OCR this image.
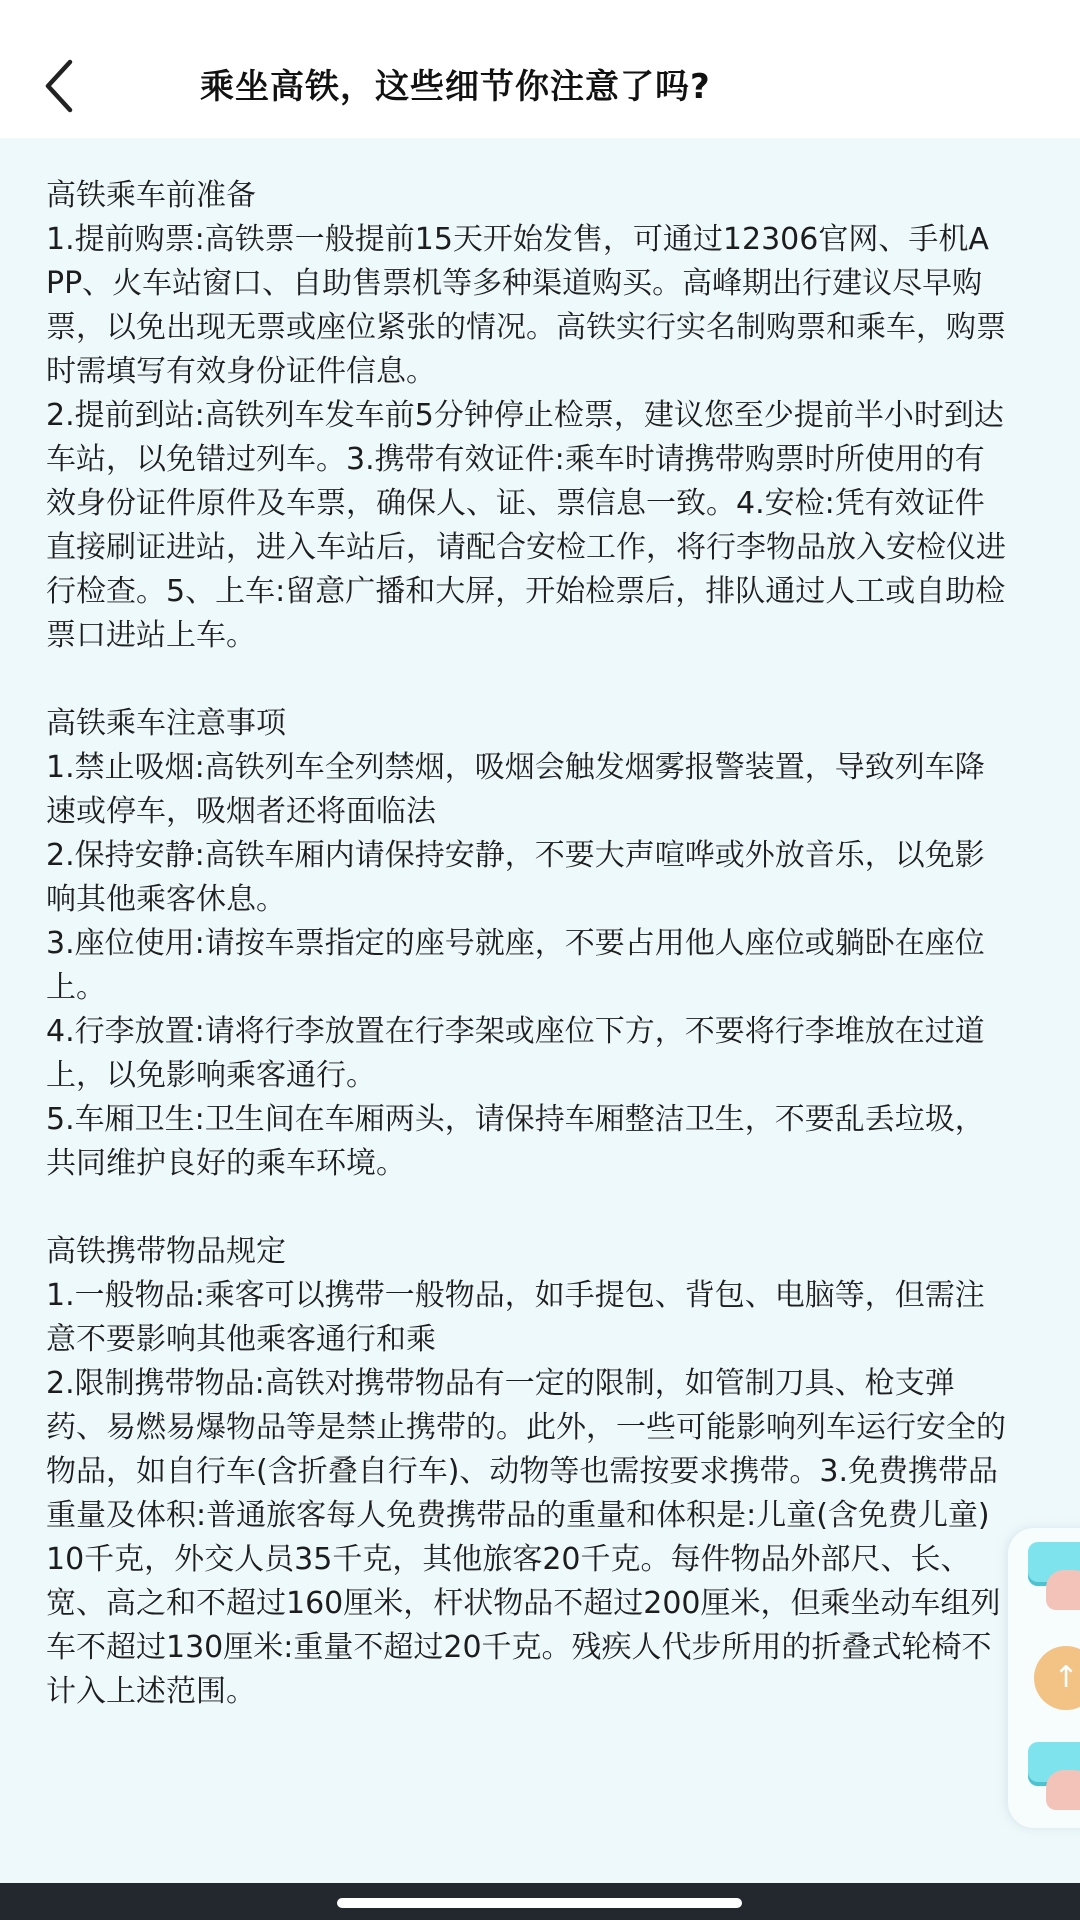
乘坐高铁，这些细节你注意了吗?

高铁乘车前准备

1.提前购票:高铁票一般提前15天开始发售，可通过12306官网、手机APP、火车站窗口、自助售票机等多种渠道购买。高峰期出行建议尽早购票，以免出现无票或座位紧张的情况。高铁实行实名制购票和乘车，购票时需填写有效身份证件信息。

2.提前到站:高铁列车发车前5分钟停止检票，建议您至少提前半小时到达车站，以免错过列车。3.携带有效证件:乘车时请携带购票时所使用的有效身份证件原件及车票，确保人、证、票信息一致。4.安检:凭有效证件直接刷证进站，进入车站后，请配合安检工作，将行李物品放入安检仪进行检查。5、上车:留意广播和大屏，开始检票后，排队通过人工或自助检票口进站上车。

高铁乘车注意事项

1.禁止吸烟:高铁列车全列禁烟，吸烟会触发烟雾报警装置，导致列车降速或停车，吸烟者还将面临法

2.保持安静:高铁车厢内请保持安静，不要大声喧哗或外放音乐，以免影响其他乘客休息。

3.座位使用:请按车票指定的座号就座，不要占用他人座位或躺卧在座位上。

4.行李放置:请将行李放置在行李架或座位下方，不要将行李堆放在过道上，以免影响乘客通行。

5.车厢卫生:卫生间在车厢两头，请保持车厢整洁卫生，不要乱丢垃圾，共同维护良好的乘车环境。

高铁携带物品规定

1.一般物品:乘客可以携带一般物品，如手提包、背包、电脑等，但需注意不要影响其他乘客通行和乘

2.限制携带物品:高铁对携带物品有一定的限制，如管制刀具、枪支弹药、易燃易爆物品等是禁止携带的。此外，一些可能影响列车运行安全的物品，如自行车(含折叠自行车)、动物等也需按要求携带。3.免费携带品重量及体积:普通旅客每人免费携带品的重量和体积是:儿童(含免费儿童)10千克，外交人员35千克，其他旅客20千克。每件物品外部尺、长、宽、高之和不超过160厘米，杆状物品不超过200厘米，但乘坐动车组列车不超过130厘米:重量不超过20千克。残疾人代步所用的折叠式轮椅不计入上述范围。	↑
